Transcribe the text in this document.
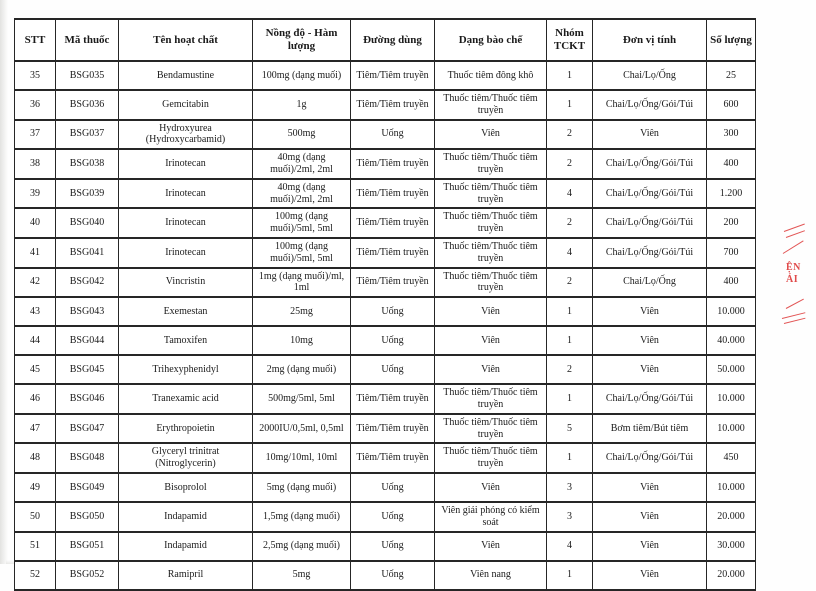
STT	Mã thuốc	Tên hoạt chất	Nồng độ - Hàm lượng	Đường dùng	Dạng bào chế	Nhóm TCKT	Đơn vị tính	Số lượng
35	BSG035	Bendamustine	100mg (dạng muối)	Tiêm/Tiêm truyền	Thuốc tiêm đông khô	1	Chai/Lọ/Ống	25
36	BSG036	Gemcitabin	1g	Tiêm/Tiêm truyền	Thuốc tiêm/Thuốc tiêm truyền	1	Chai/Lọ/Ống/Gói/Túi	600
37	BSG037	Hydroxyurea (Hydroxycarbamid)	500mg	Uống	Viên	2	Viên	300
38	BSG038	Irinotecan	40mg (dạng muối)/2ml, 2ml	Tiêm/Tiêm truyền	Thuốc tiêm/Thuốc tiêm truyền	2	Chai/Lọ/Ống/Gói/Túi	400
39	BSG039	Irinotecan	40mg (dạng muối)/2ml, 2ml	Tiêm/Tiêm truyền	Thuốc tiêm/Thuốc tiêm truyền	4	Chai/Lọ/Ống/Gói/Túi	1.200
40	BSG040	Irinotecan	100mg (dạng muối)/5ml, 5ml	Tiêm/Tiêm truyền	Thuốc tiêm/Thuốc tiêm truyền	2	Chai/Lọ/Ống/Gói/Túi	200
41	BSG041	Irinotecan	100mg (dạng muối)/5ml, 5ml	Tiêm/Tiêm truyền	Thuốc tiêm/Thuốc tiêm truyền	4	Chai/Lọ/Ống/Gói/Túi	700
42	BSG042	Vincristin	1mg (dạng muối)/ml, 1ml	Tiêm/Tiêm truyền	Thuốc tiêm/Thuốc tiêm truyền	2	Chai/Lọ/Ống	400
43	BSG043	Exemestan	25mg	Uống	Viên	1	Viên	10.000
44	BSG044	Tamoxifen	10mg	Uống	Viên	1	Viên	40.000
45	BSG045	Trihexyphenidyl	2mg (dạng muối)	Uống	Viên	2	Viên	50.000
46	BSG046	Tranexamic acid	500mg/5ml, 5ml	Tiêm/Tiêm truyền	Thuốc tiêm/Thuốc tiêm truyền	1	Chai/Lọ/Ống/Gói/Túi	10.000
47	BSG047	Erythropoietin	2000IU/0,5ml, 0,5ml	Tiêm/Tiêm truyền	Thuốc tiêm/Thuốc tiêm truyền	5	Bơm tiêm/Bút tiêm	10.000
48	BSG048	Glyceryl trinitrat (Nitroglycerin)	10mg/10ml, 10ml	Tiêm/Tiêm truyền	Thuốc tiêm/Thuốc tiêm truyền	1	Chai/Lọ/Ống/Gói/Túi	450
49	BSG049	Bisoprolol	5mg (dạng muối)	Uống	Viên	3	Viên	10.000
50	BSG050	Indapamid	1,5mg (dạng muối)	Uống	Viên giải phóng có kiểm soát	3	Viên	20.000
51	BSG051	Indapamid	2,5mg (dạng muối)	Uống	Viên	4	Viên	30.000
52	BSG052	Ramipril	5mg	Uống	Viên nang	1	Viên	20.000
ỆN
ẢI
